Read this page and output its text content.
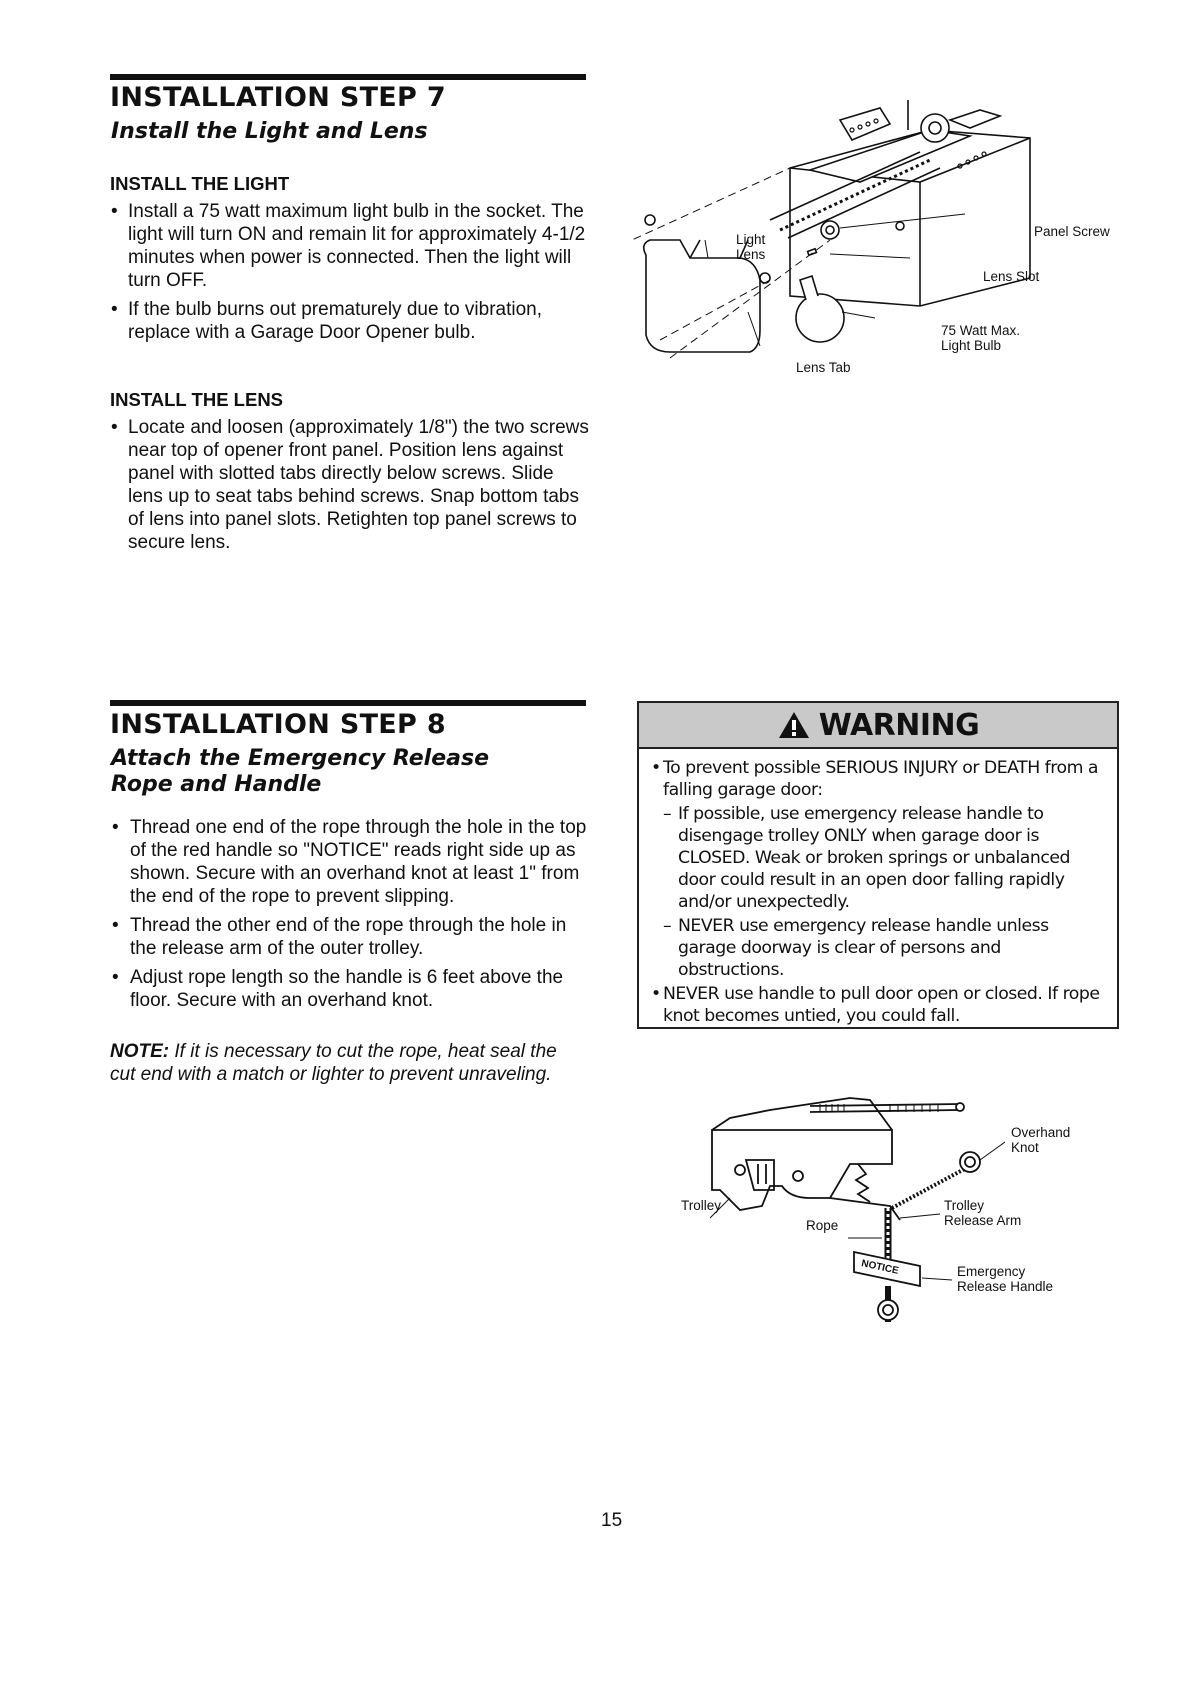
INSTALLATION STEP 7
Install the Light and Lens
INSTALL THE LIGHT
• Install a 75 watt maximum light bulb in the socket. The light will turn ON and remain lit for approximately 4-1/2 minutes when power is connected. Then the light will turn OFF.
• If the bulb burns out prematurely due to vibration, replace with a Garage Door Opener bulb.
INSTALL THE LENS
• Locate and loosen (approximately 1/8") the two screws near top of opener front panel. Position lens against panel with slotted tabs directly below screws. Slide lens up to seat tabs behind screws. Snap bottom tabs of lens into panel slots. Retighten top panel screws to secure lens.
Panel Screw
Light Lens
Lens Slot
75 Watt Max. Light Bulb
Lens Tab
INSTALLATION STEP 8
Attach the Emergency Release Rope and Handle
• Thread one end of the rope through the hole in the top of the red handle so "NOTICE" reads right side up as shown. Secure with an overhand knot at least 1" from the end of the rope to prevent slipping.
• Thread the other end of the rope through the hole in the release arm of the outer trolley.
• Adjust rope length so the handle is 6 feet above the floor. Secure with an overhand knot.
NOTE: If it is necessary to cut the rope, heat seal the cut end with a match or lighter to prevent unraveling.
WARNING
• To prevent possible SERIOUS INJURY or DEATH from a falling garage door:
– If possible, use emergency release handle to disengage trolley ONLY when garage door is CLOSED. Weak or broken springs or unbalanced door could result in an open door falling rapidly and/or unexpectedly.
– NEVER use emergency release handle unless garage doorway is clear of persons and obstructions.
• NEVER use handle to pull door open or closed. If rope knot becomes untied, you could fall.
NOTICE
Overhand Knot
Trolley	Trolley Release Arm
Rope
Emergency Release Handle
15
